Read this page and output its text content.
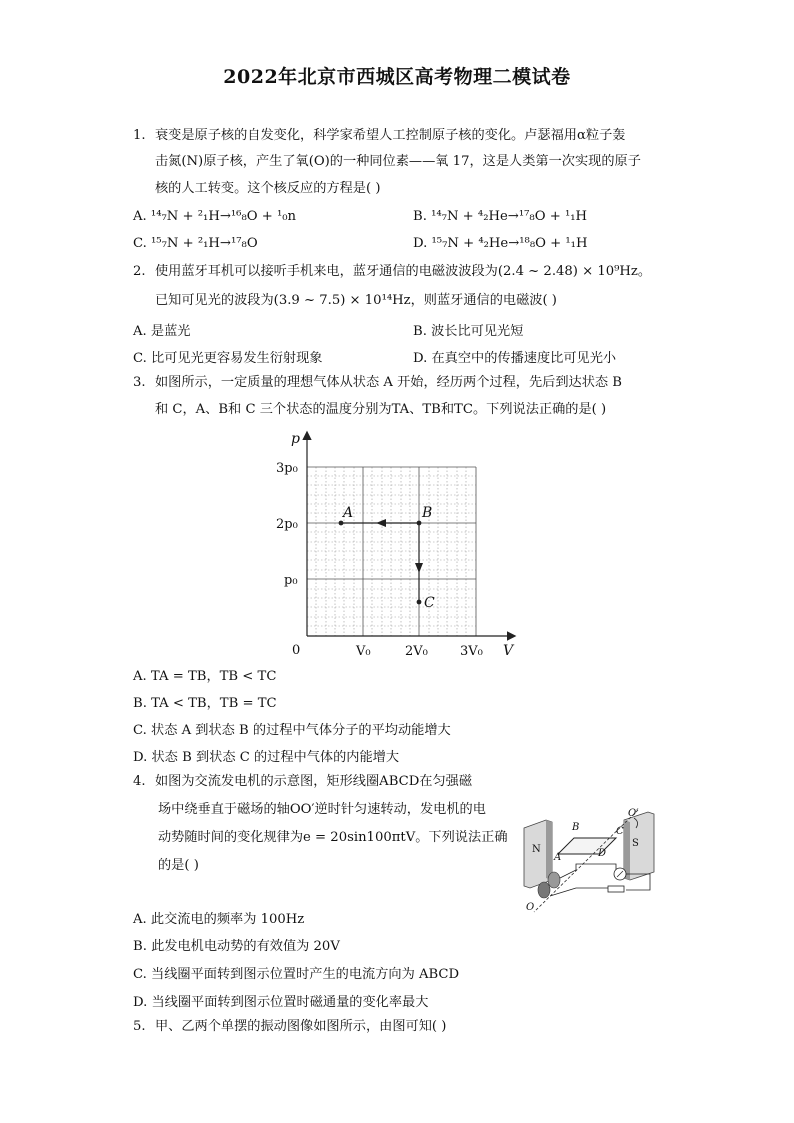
2022年北京市西城区高考物理二模试卷
1. 衰变是原子核的自发变化，科学家希望人工控制原子核的变化。卢瑟福用α粒子轰
击氮(N)原子核，产生了氧(O)的一种同位素——氧 17，这是人类第一次实现的原子
核的人工转变。这个核反应的方程是( )
A. ¹⁴₇N + ²₁H→¹⁶₈O + ¹₀n	B. ¹⁴₇N + ⁴₂He→¹⁷₈O + ¹₁H
C. ¹⁵₇N + ²₁H→¹⁷₈O	D. ¹⁵₇N + ⁴₂He→¹⁸₈O + ¹₁H
2. 使用蓝牙耳机可以接听手机来电，蓝牙通信的电磁波波段为(2.4 ~ 2.48) × 10⁹Hz。
已知可见光的波段为(3.9 ~ 7.5) × 10¹⁴Hz，则蓝牙通信的电磁波( )
A. 是蓝光	B. 波长比可见光短
C. 比可见光更容易发生衍射现象	D. 在真空中的传播速度比可见光小
3. 如图所示，一定质量的理想气体从状态 A 开始，经历两个过程，先后到达状态 B
和 C，A、B和 C 三个状态的温度分别为TA、TB和TC。下列说法正确的是( )
p
V
A	B
C
0
3p₀
2p₀
p₀
V₀	2V₀ 3V₀
A. TA = TB，TB < TC
B. TA < TB，TB = TC
C. 状态 A 到状态 B 的过程中气体分子的平均动能增大
D. 状态 B 到状态 C 的过程中气体的内能增大
4. 如图为交流发电机的示意图，矩形线圈ABCD在匀强磁
场中绕垂直于磁场的轴OO′逆时针匀速转动，发电机的电
动势随时间的变化规律为e = 20sin100πtV。下列说法正确
的是( )
N
S
A
B	C
D
O
O′
A. 此交流电的频率为 100Hz
B. 此发电机电动势的有效值为 20V
C. 当线圈平面转到图示位置时产生的电流方向为 ABCD
D. 当线圈平面转到图示位置时磁通量的变化率最大
5. 甲、乙两个单摆的振动图像如图所示，由图可知( )
